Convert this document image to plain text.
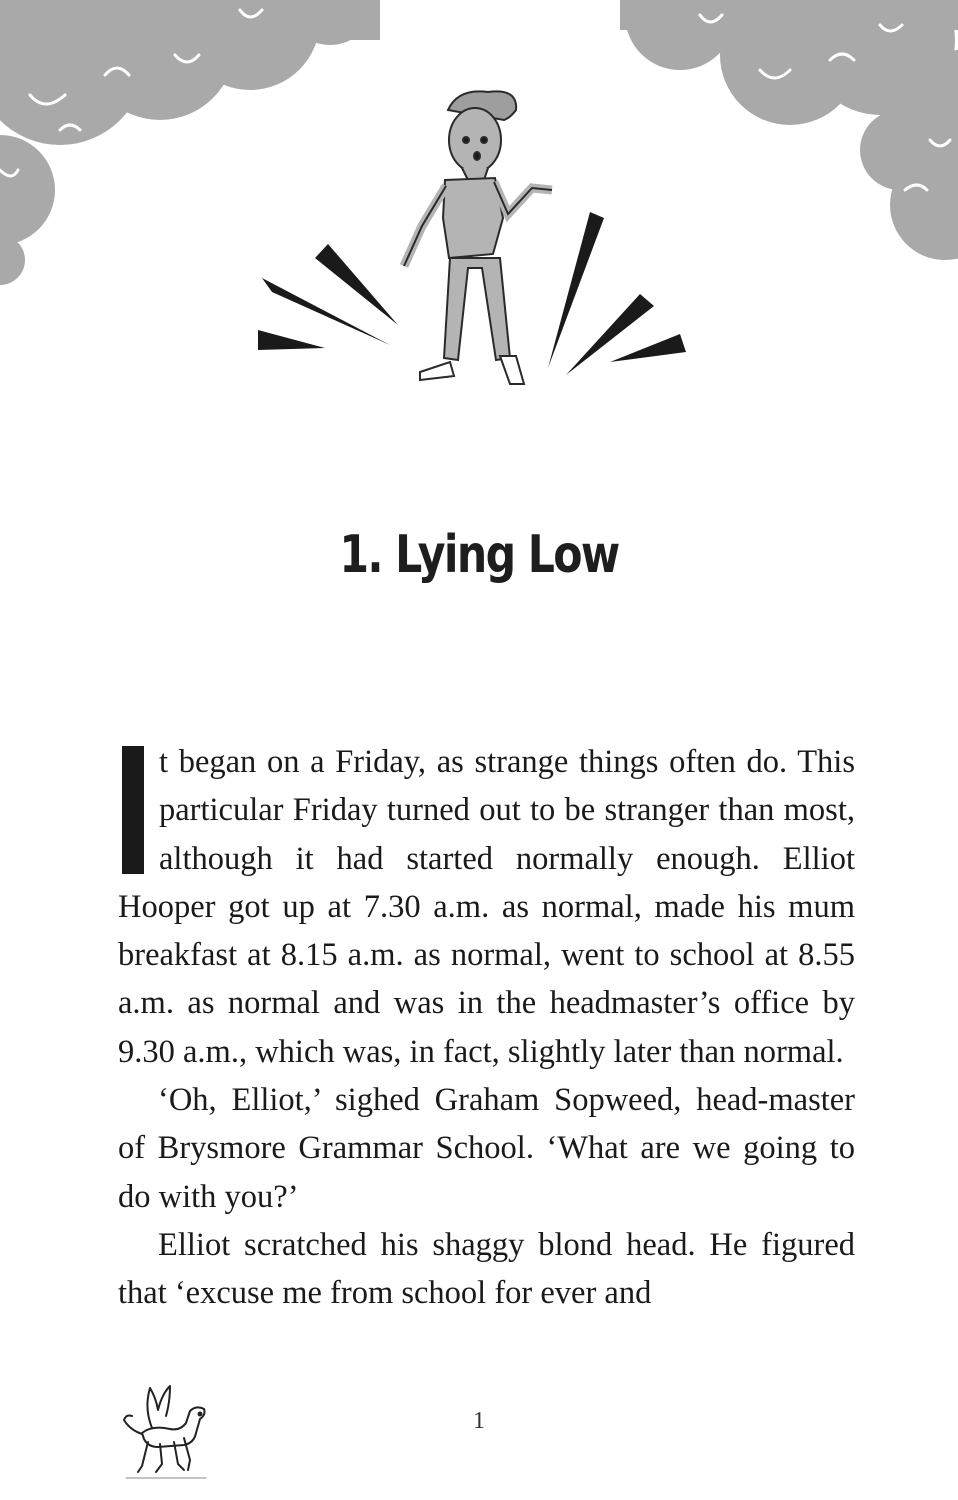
1. Lying Low

t began on a Friday, as strange things often do. This particular Friday turned out to be stranger than most, although it had started normally enough. Elliot Hooper got up at 7.30 a.m. as normal, made his mum breakfast at 8.15 a.m. as normal, went to school at 8.55 a.m. as normal and was in the headmaster’s office by 9.30 a.m., which was, in fact, slightly later than normal.

‘Oh, Elliot,’ sighed Graham Sopweed, head-master of Brysmore Grammar School. ‘What are we going to do with you?’

Elliot scratched his shaggy blond head. He figured that ‘excuse me from school for ever and

1
